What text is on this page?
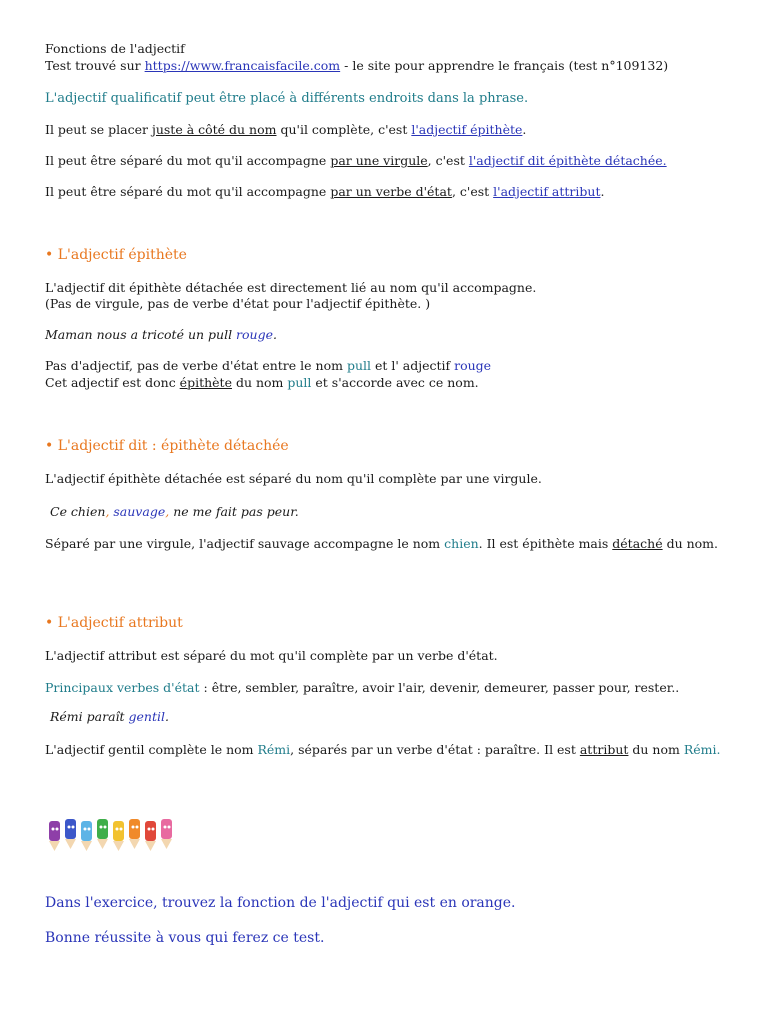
Fonctions de l'adjectif
Test trouvé sur https://www.francaisfacile.com - le site pour apprendre le français (test n°109132)
L'adjectif qualificatif peut être placé à différents endroits dans la phrase.
Il peut se placer juste à côté du nom qu'il complète, c'est l'adjectif épithète.
Il peut être séparé du mot qu'il accompagne par une virgule, c'est l'adjectif dit épithète détachée.
Il peut être séparé du mot qu'il accompagne par un verbe d'état, c'est l'adjectif attribut.
• L'adjectif épithète
L'adjectif dit épithète détachée est directement lié au nom qu'il accompagne.
(Pas de virgule, pas de verbe d'état pour l'adjectif épithète. )
Maman nous a tricoté un pull rouge.
Pas d'adjectif, pas de verbe d'état entre le nom pull et l' adjectif rouge
Cet adjectif est donc épithète du nom pull et s'accorde avec ce nom.
• L'adjectif dit : épithète détachée
L'adjectif épithète détachée est séparé du nom qu'il complète par une virgule.
Ce chien, sauvage, ne me fait pas peur.
Séparé par une virgule, l'adjectif sauvage accompagne le nom chien. Il est épithète mais détaché du nom.
• L'adjectif attribut
L'adjectif attribut est séparé du mot qu'il complète par un verbe d'état.
Principaux verbes d'état : être, sembler, paraître, avoir l'air, devenir, demeurer, passer pour, rester..
Rémi paraît gentil.
L'adjectif gentil complète le nom Rémi, séparés par un verbe d'état : paraître. Il est attribut du nom Rémi.
Dans l'exercice, trouvez la fonction de l'adjectif qui est en orange.
Bonne réussite à vous qui ferez ce test.
